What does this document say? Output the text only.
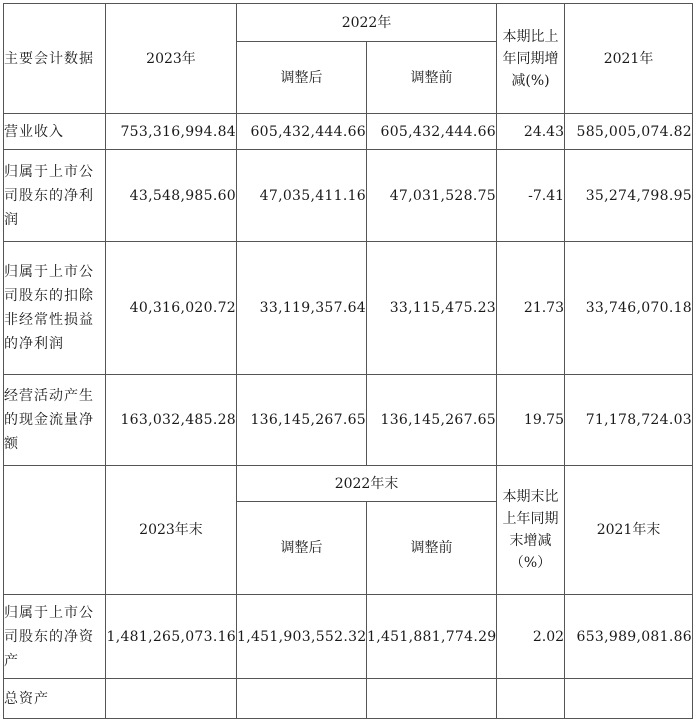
主要会计数据	2023年	2022年		本期比上年同期增减(%)	2021年
		调整后	调整前		
营业收入	753,316,994.84	605,432,444.66	605,432,444.66	24.43	585,005,074.82
归属于上市公司股东的净利润	43,548,985.60	47,035,411.16	47,031,528.75	-7.41	35,274,798.95
归属于上市公司股东的扣除非经常性损益的净利润	40,316,020.72	33,119,357.64	33,115,475.23	21.73	33,746,070.18
经营活动产生的现金流量净额	163,032,485.28	136,145,267.65	136,145,267.65	19.75	71,178,724.03
	2023年末	2022年末		本期末比上年同期末增减（%）	2021年末
		调整后	调整前		
归属于上市公司股东的净资产	1,481,265,073.16	1,451,903,552.32	1,451,881,774.29	2.02	653,989,081.86
总资产					
